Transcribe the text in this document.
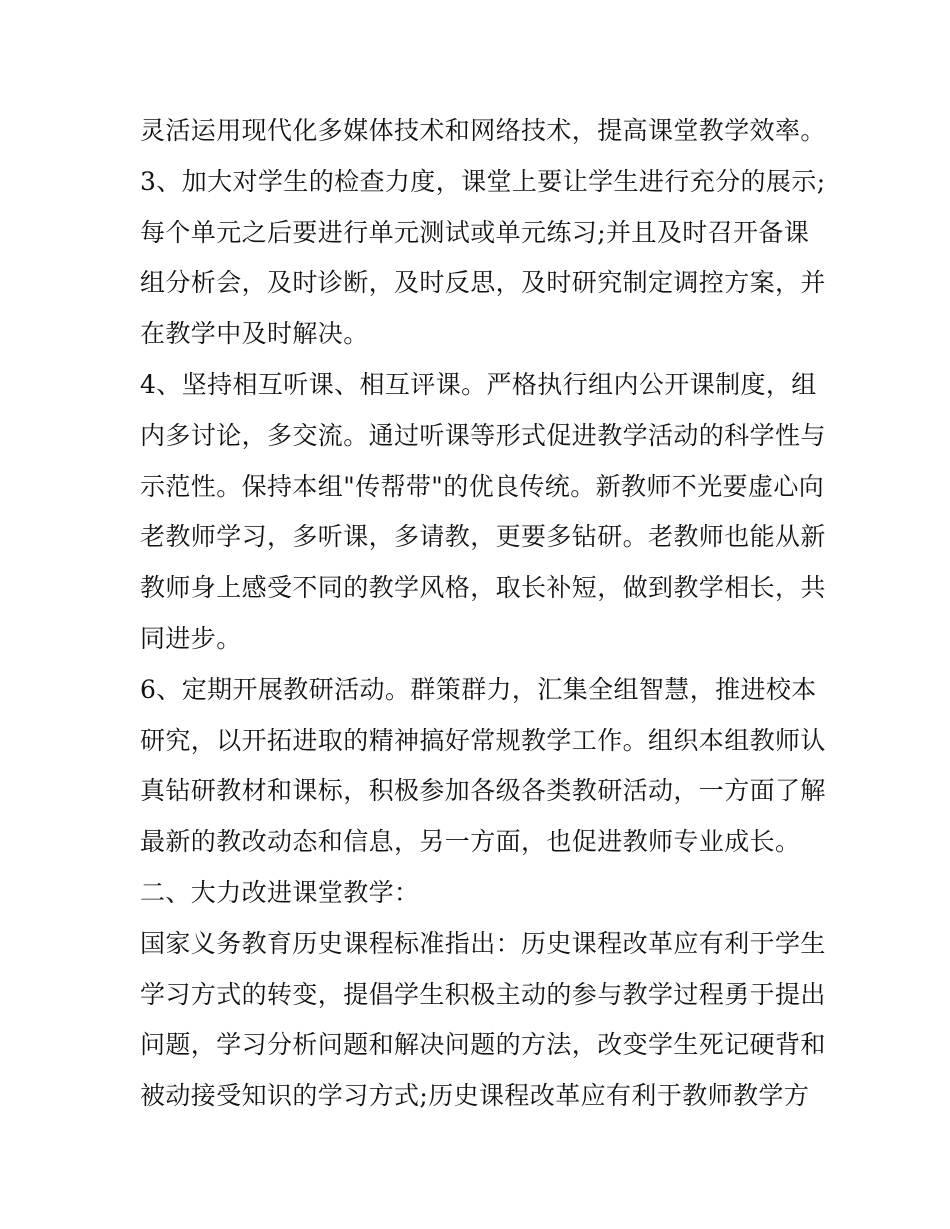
灵活运用现代化多媒体技术和网络技术，提高课堂教学效率。
3、加大对学生的检查力度，课堂上要让学生进行充分的展示;
每个单元之后要进行单元测试或单元练习;并且及时召开备课
组分析会，及时诊断，及时反思，及时研究制定调控方案，并
在教学中及时解决。
4、坚持相互听课、相互评课。严格执行组内公开课制度，组
内多讨论，多交流。通过听课等形式促进教学活动的科学性与
示范性。保持本组"传帮带"的优良传统。新教师不光要虚心向
老教师学习，多听课，多请教，更要多钻研。老教师也能从新
教师身上感受不同的教学风格，取长补短，做到教学相长，共
同进步。
6、定期开展教研活动。群策群力，汇集全组智慧，推进校本
研究，以开拓进取的精神搞好常规教学工作。组织本组教师认
真钻研教材和课标，积极参加各级各类教研活动，一方面了解
最新的教改动态和信息，另一方面，也促进教师专业成长。
二、大力改进课堂教学：
国家义务教育历史课程标准指出：历史课程改革应有利于学生
学习方式的转变，提倡学生积极主动的参与教学过程勇于提出
问题，学习分析问题和解决问题的方法，改变学生死记硬背和
被动接受知识的学习方式;历史课程改革应有利于教师教学方
